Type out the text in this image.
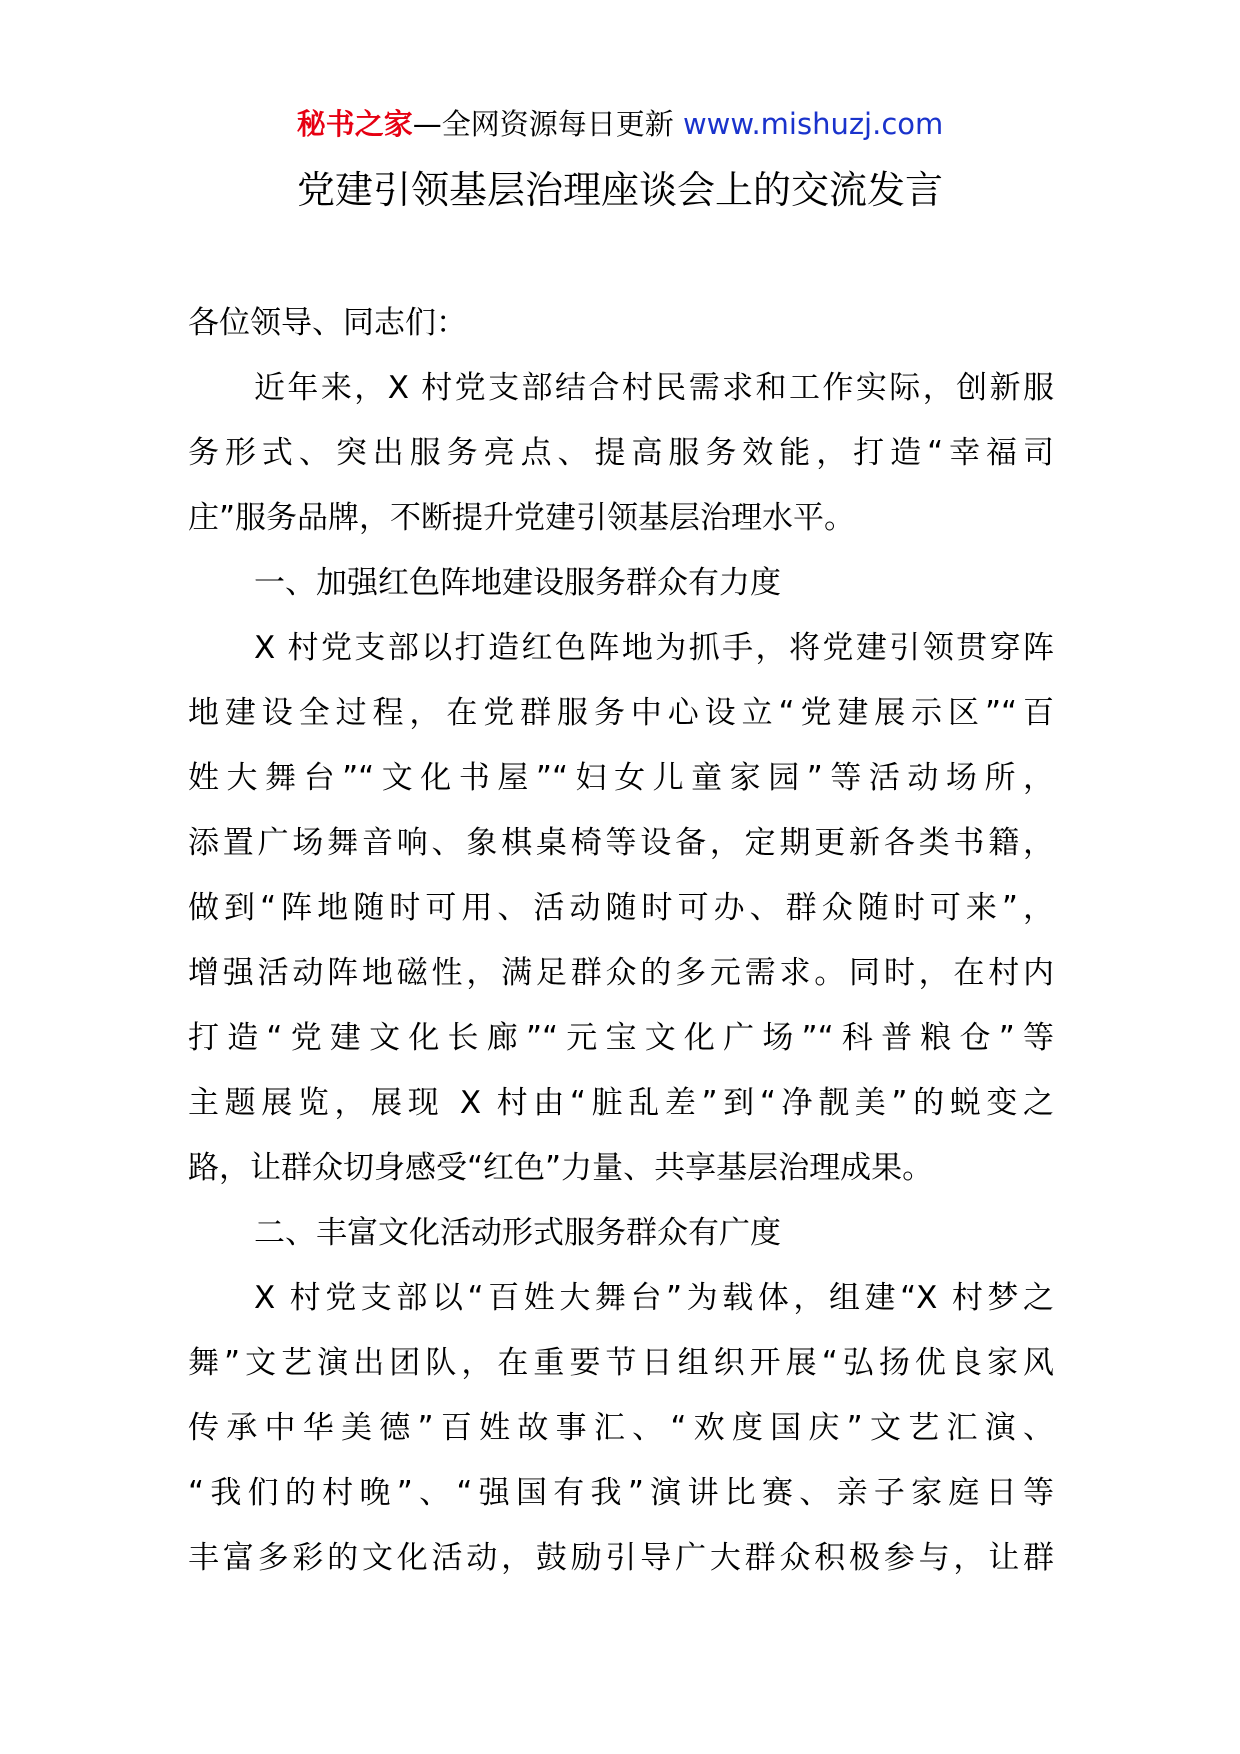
秘书之家—全网资源每日更新 www.mishuzj.com
党建引领基层治理座谈会上的交流发言

各位领导、同志们：

近年来，X 村党支部结合村民需求和工作实际，创新服
务形式、突出服务亮点、提高服务效能，打造“幸福司
庄”服务品牌，不断提升党建引领基层治理水平。
一、加强红色阵地建设服务群众有力度
X 村党支部以打造红色阵地为抓手，将党建引领贯穿阵
地建设全过程，在党群服务中心设立“党建展示区”“百
姓大舞台”“文化书屋”“妇女儿童家园”等活动场所，
添置广场舞音响、象棋桌椅等设备，定期更新各类书籍，
做到“阵地随时可用、活动随时可办、群众随时可来”，
增强活动阵地磁性，满足群众的多元需求。同时，在村内
打造“党建文化长廊”“元宝文化广场”“科普粮仓”等
主题展览，展现 X 村由“脏乱差”到“净靓美”的蜕变之
路，让群众切身感受“红色”力量、共享基层治理成果。
二、丰富文化活动形式服务群众有广度
X 村党支部以“百姓大舞台”为载体，组建“X 村梦之
舞”文艺演出团队，在重要节日组织开展“弘扬优良家风
传承中华美德”百姓故事汇、“欢度国庆”文艺汇演、
“我们的村晚”、“强国有我”演讲比赛、亲子家庭日等
丰富多彩的文化活动，鼓励引导广大群众积极参与，让群
